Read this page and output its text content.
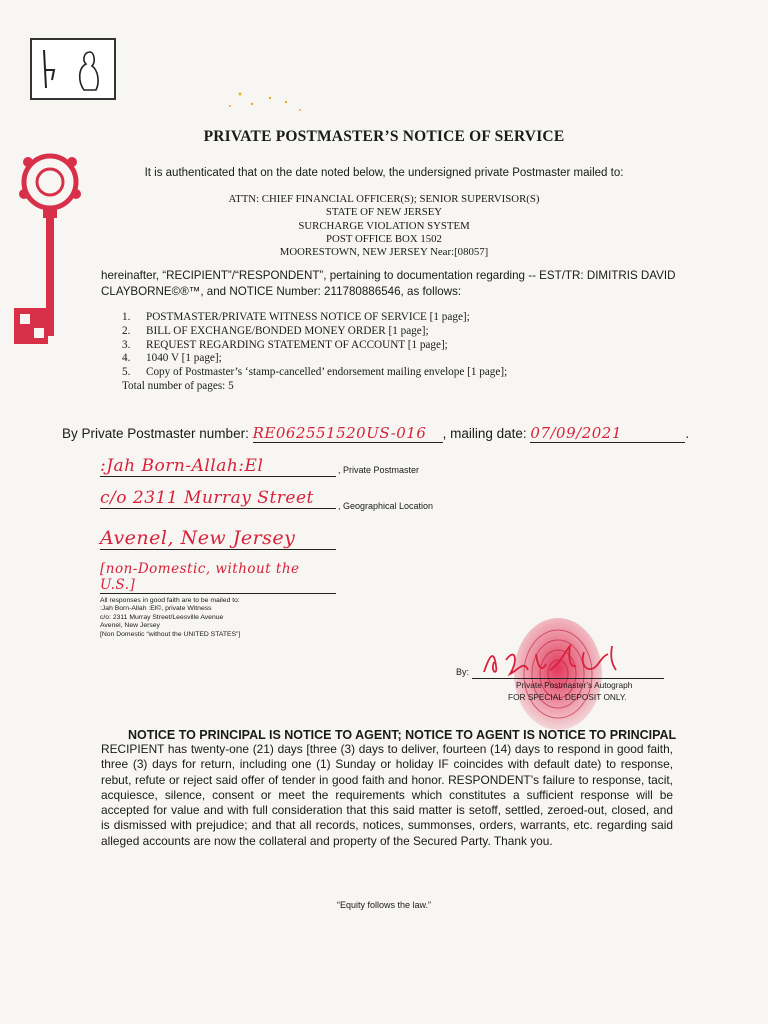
PRIVATE POSTMASTER’S NOTICE OF SERVICE
It is authenticated that on the date noted below, the undersigned private Postmaster mailed to:
ATTN: CHIEF FINANCIAL OFFICER(S); SENIOR SUPERVISOR(S)
STATE OF NEW JERSEY
SURCHARGE VIOLATION SYSTEM
POST OFFICE BOX 1502
MOORESTOWN, NEW JERSEY Near:[08057]
hereinafter, “RECIPIENT”/“RESPONDENT”, pertaining to documentation regarding -- EST/TR: DIMITRIS DAVID
CLAYBORNE©®™, and NOTICE Number: 211780886546, as follows:
1.	POSTMASTER/PRIVATE WITNESS NOTICE OF SERVICE [1 page];
2.	BILL OF EXCHANGE/BONDED MONEY ORDER [1 page];
3.	REQUEST REGARDING STATEMENT OF ACCOUNT [1 page];
4.	1040 V [1 page];
5.	Copy of Postmaster’s ‘stamp-cancelled’ endorsement mailing envelope [1 page];
Total number of pages: 5
By Private Postmaster number: RE062551520US-016 , mailing date: 07/09/2021	.
:Jah Born-Allah:El	, Private Postmaster
c/o 2311 Murray Street	, Geographical Location
Avenel, New Jersey
[non-Domestic, without the U.S.]
All responses in good faith are to be mailed to:
:Jah Born-Allah :El©, private Witness
c/o: 2311 Murray Street/Leesville Avenue
Avenel, New Jersey
[Non Domestic “without the UNITED STATES”]
By:
Private Postmaster’s Autograph
FOR SPECIAL DEPOSIT ONLY.
NOTICE TO PRINCIPAL IS NOTICE TO AGENT; NOTICE TO AGENT IS NOTICE TO PRINCIPAL
RECIPIENT has twenty-one (21) days [three (3) days to deliver, fourteen (14) days to respond in good faith, three (3) days for return, including one (1) Sunday or holiday IF coincides with default date) to response, rebut, refute or reject said offer of tender in good faith and honor. RESPONDENT’s failure to response, tacit, acquiesce, silence, consent or meet the requirements which constitutes a sufficient response will be accepted for value and with full consideration that this said matter is setoff, settled, zeroed-out, closed, and is dismissed with prejudice; and that all records, notices, summonses, orders, warrants, etc. regarding said alleged accounts are now the collateral and property of the Secured Party. Thank you.
“Equity follows the law.”
